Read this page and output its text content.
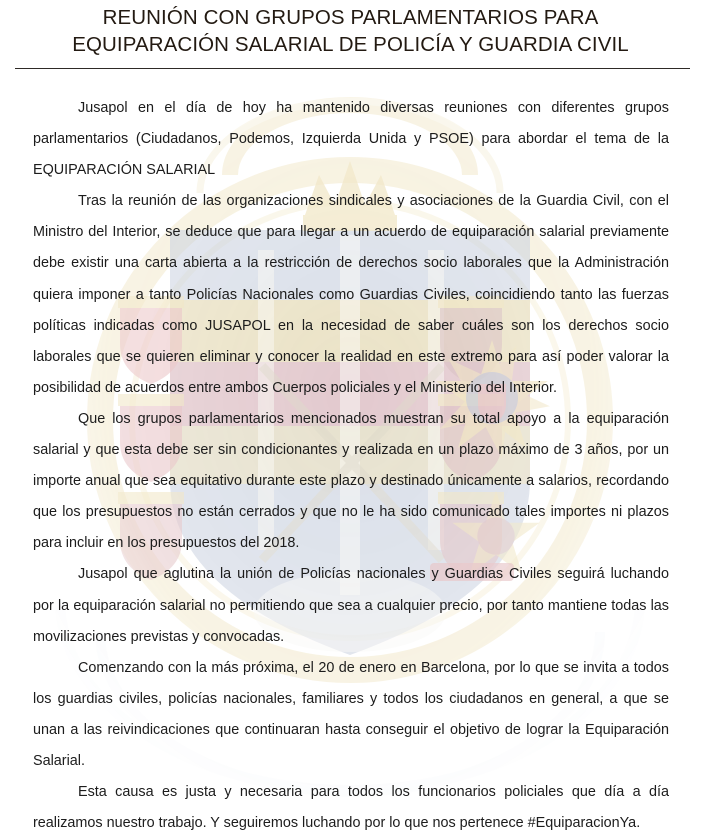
REUNIÓN CON GRUPOS PARLAMENTARIOS PARA
EQUIPARACIÓN SALARIAL DE POLICÍA Y GUARDIA CIVIL

Jusapol en el día de hoy ha mantenido diversas reuniones con diferentes grupos parlamentarios (Ciudadanos, Podemos, Izquierda Unida y PSOE) para abordar el tema de la EQUIPARACIÓN SALARIAL

Tras la reunión de las organizaciones sindicales y asociaciones de la Guardia Civil, con el Ministro del Interior, se deduce que para llegar a un acuerdo de equiparación salarial previamente debe existir una carta abierta a la restricción de derechos socio laborales que la Administración quiera imponer a tanto Policías Nacionales como Guardias Civiles, coincidiendo tanto las fuerzas políticas indicadas como JUSAPOL en la necesidad de saber cuáles son los derechos socio laborales que se quieren eliminar y conocer la realidad en este extremo para así poder valorar la posibilidad de acuerdos entre ambos Cuerpos policiales y el Ministerio del Interior.

Que los grupos parlamentarios mencionados muestran su total apoyo a la equiparación salarial y que esta debe ser sin condicionantes y realizada en un plazo máximo de 3 años, por un importe anual que sea equitativo durante este plazo y destinado únicamente a salarios, recordando que los presupuestos no están cerrados y que no le ha sido comunicado tales importes ni plazos para incluir en los presupuestos del 2018.

Jusapol que aglutina la unión de Policías nacionales y Guardias Civiles seguirá luchando por la equiparación salarial no permitiendo que sea a cualquier precio, por tanto mantiene todas las movilizaciones previstas y convocadas.

Comenzando con la más próxima, el 20 de enero en Barcelona, por lo que se invita a todos los guardias civiles, policías nacionales, familiares y todos los ciudadanos en general, a que se unan a las reivindicaciones que continuaran hasta conseguir el objetivo de lograr la Equiparación Salarial.

Esta causa es justa y necesaria para todos los funcionarios policiales que día a día realizamos nuestro trabajo. Y seguiremos luchando por lo que nos pertenece #EquiparacionYa.
